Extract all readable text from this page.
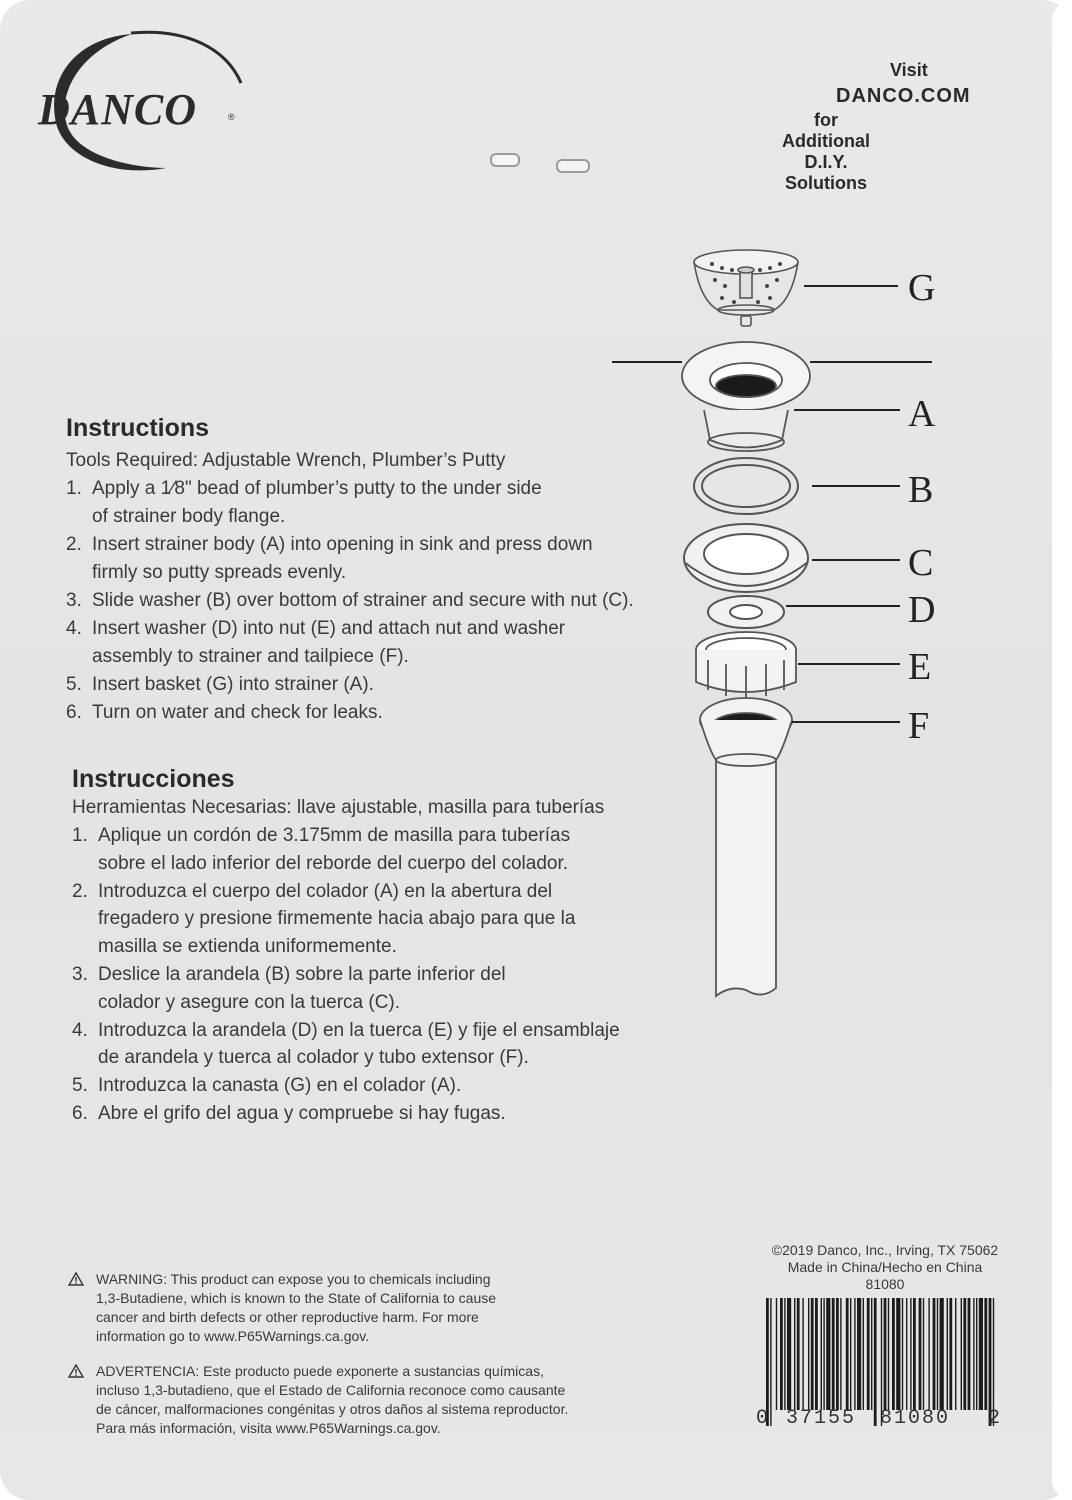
DANCO	®
Visit
DANCO.COM
for Additional D.I.Y. Solutions
Instructions
Tools Required: Adjustable Wrench, Plumber’s Putty
1. Apply a 1⁄8" bead of plumber’s putty to the under side
of strainer body flange.
2. Insert strainer body (A) into opening in sink and press down
firmly so putty spreads evenly.
3. Slide washer (B) over bottom of strainer and secure with nut (C).
4. Insert washer (D) into nut (E) and attach nut and washer
assembly to strainer and tailpiece (F).
5. Insert basket (G) into strainer (A).
6. Turn on water and check for leaks.
Instrucciones
Herramientas Necesarias: llave ajustable, masilla para tuberías
1. Aplique un cordón de 3.175mm de masilla para tuberías
sobre el lado inferior del reborde del cuerpo del colador.
2. Introduzca el cuerpo del colador (A) en la abertura del
fregadero y presione firmemente hacia abajo para que la
masilla se extienda uniformemente.
3. Deslice la arandela (B) sobre la parte inferior del
colador y asegure con la tuerca (C).
4. Introduzca la arandela (D) en la tuerca (E) y fije el ensamblaje
de arandela y tuerca al colador y tubo extensor (F).
5. Introduzca la canasta (G) en el colador (A).
6. Abre el grifo del agua y compruebe si hay fugas.
G
A
B
C
D
E
F
©2019 Danco, Inc., Irving, TX 75062
Made in China/Hecho en China
81080
WARNING: This product can expose you to chemicals including
1,3-Butadiene, which is known to the State of California to cause
cancer and birth defects or other reproductive harm. For more
information go to www.P65Warnings.ca.gov.
ADVERTENCIA: Este producto puede exponerte a sustancias químicas,
incluso 1,3-butadieno, que el Estado de California reconoce como causante
de cáncer, malformaciones congénitas y otros daños al sistema reproductor.
Para más información, visita www.P65Warnings.ca.gov.	0 37155 81080 2
